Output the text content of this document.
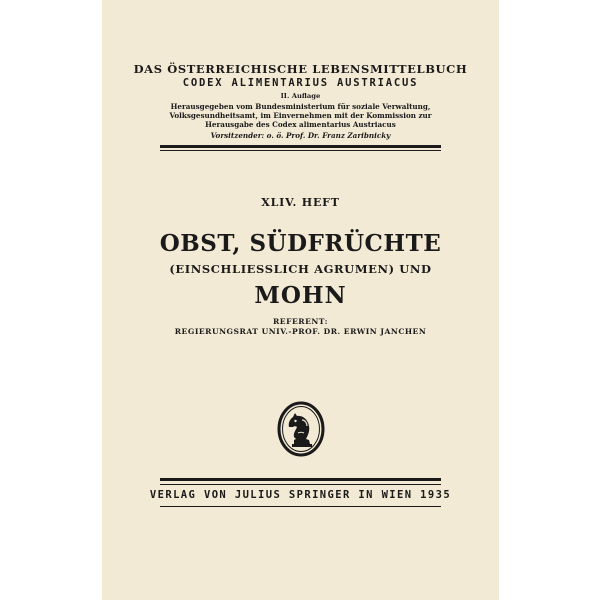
DAS ÖSTERREICHISCHE LEBENSMITTELBUCH
CODEX ALIMENTARIUS AUSTRIACUS
II. Auflage
Herausgegeben vom Bundesministerium für soziale Verwaltung,
Volksgesundheitsamt, im Einvernehmen mit der Kommission zur
Herausgabe des Codex alimentarius Austriacus
Vorsitzender: o. ö. Prof. Dr. Franz Zaribnicky
XLIV. HEFT
OBST, SÜDFRÜCHTE
(EINSCHLIESSLICH AGRUMEN) UND
MOHN
REFERENT:
REGIERUNGSRAT UNIV.-PROF. DR. ERWIN JANCHEN
VERLAG VON JULIUS SPRINGER IN WIEN 1935
